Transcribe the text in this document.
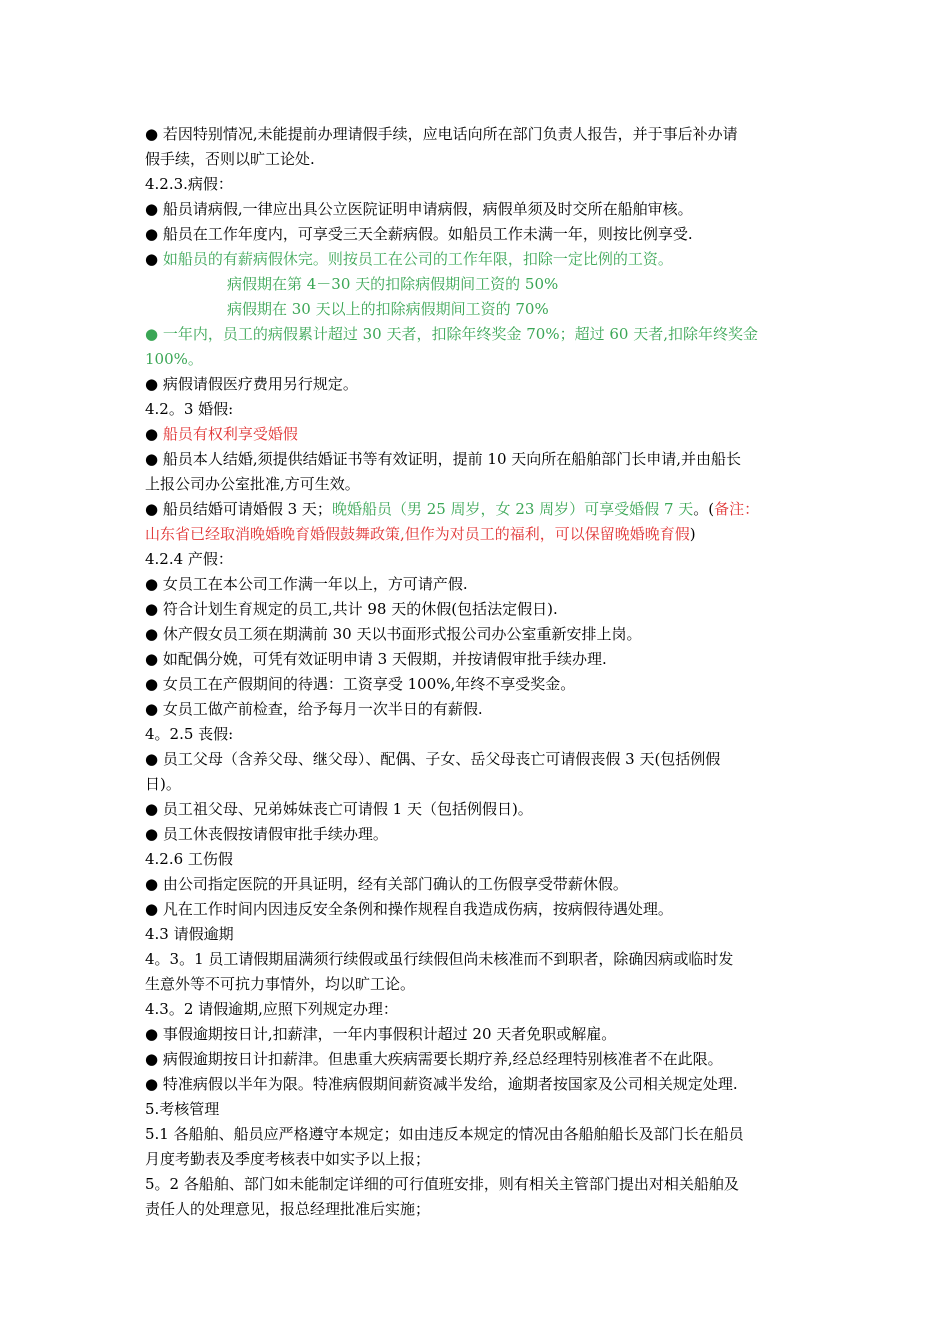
● 若因特别情况,未能提前办理请假手续，应电话向所在部门负责人报告，并于事后补办请
假手续，否则以旷工论处.
4.2.3.病假：
● 船员请病假,一律应出具公立医院证明申请病假，病假单须及时交所在船舶审核。
● 船员在工作年度内，可享受三天全薪病假。如船员工作未满一年，则按比例享受.
● 如船员的有薪病假休完。则按员工在公司的工作年限，扣除一定比例的工资。
病假期在第 4－30 天的扣除病假期间工资的 50%
病假期在 30 天以上的扣除病假期间工资的 70%
● 一年内，员工的病假累计超过 30 天者，扣除年终奖金 70%；超过 60 天者,扣除年终奖金
100%。
● 病假请假医疗费用另行规定。
4.2。3 婚假:
● 船员有权利享受婚假
● 船员本人结婚,须提供结婚证书等有效证明，提前 10 天向所在船舶部门长申请,并由船长
上报公司办公室批准,方可生效。
● 船员结婚可请婚假 3 天；晚婚船员（男 25 周岁，女 23 周岁）可享受婚假 7 天。(备注：
山东省已经取消晚婚晚育婚假鼓舞政策,但作为对员工的福利，可以保留晚婚晚育假)
4.2.4 产假：
● 女员工在本公司工作满一年以上，方可请产假.
● 符合计划生育规定的员工,共计 98 天的休假(包括法定假日).
● 休产假女员工须在期满前 30 天以书面形式报公司办公室重新安排上岗。
● 如配偶分娩，可凭有效证明申请 3 天假期，并按请假审批手续办理.
● 女员工在产假期间的待遇：工资享受 100%,年终不享受奖金。
● 女员工做产前检查，给予每月一次半日的有薪假.
4。2.5 丧假:
● 员工父母（含养父母、继父母）、配偶、子女、岳父母丧亡可请假丧假 3 天(包括例假
日)。
● 员工祖父母、兄弟姊妹丧亡可请假 1 天（包括例假日)。
● 员工休丧假按请假审批手续办理。
4.2.6 工伤假
● 由公司指定医院的开具证明，经有关部门确认的工伤假享受带薪休假。
● 凡在工作时间内因违反安全条例和操作规程自我造成伤病，按病假待遇处理。
4.3 请假逾期
4。3。1 员工请假期届满须行续假或虽行续假但尚未核准而不到职者，除确因病或临时发
生意外等不可抗力事情外，均以旷工论。
4.3。2 请假逾期,应照下列规定办理：
● 事假逾期按日计,扣薪津，一年内事假积计超过 20 天者免职或解雇。
● 病假逾期按日计扣薪津。但患重大疾病需要长期疗养,经总经理特别核准者不在此限。
● 特准病假以半年为限。特准病假期间薪资减半发给，逾期者按国家及公司相关规定处理.
5.考核管理
5.1 各船舶、船员应严格遵守本规定；如由违反本规定的情况由各船舶船长及部门长在船员
月度考勤表及季度考核表中如实予以上报；
5。2 各船舶、部门如未能制定详细的可行值班安排，则有相关主管部门提出对相关船舶及
责任人的处理意见，报总经理批准后实施；
